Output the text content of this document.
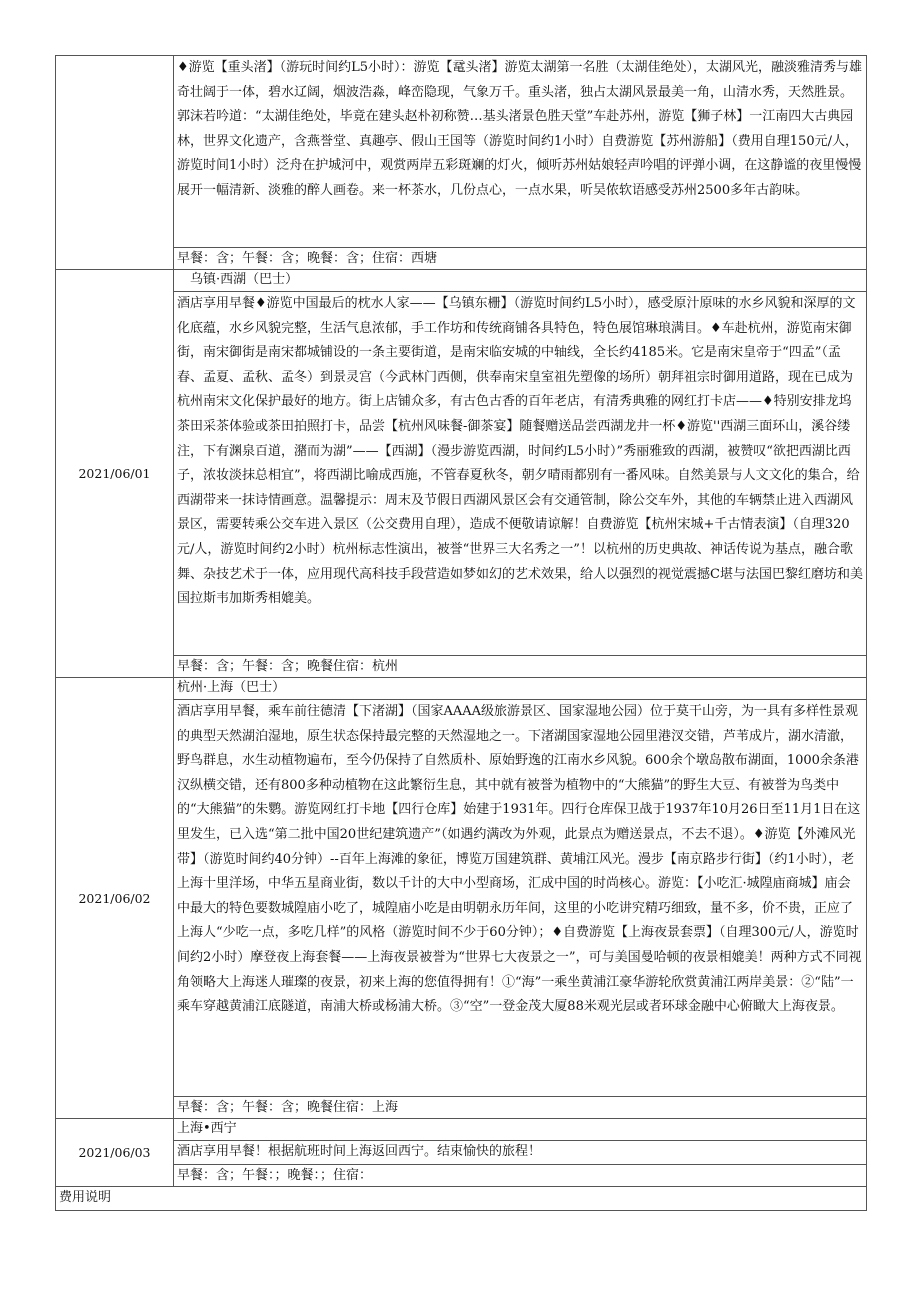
	♦游览【重头渚】（游玩时间约L5小时）：游览【鼋头渚】游览太湖第一名胜（太湖佳绝处），太湖风光，融淡雅清秀与雄奇壮阔于一体，碧水辽阔，烟波浩淼，峰峦隐现，气象万千。重头渚，独占太湖风景最美一角，山清水秀，天然胜景。郭沫若吟道：“太湖佳绝处，毕竟在建头赵朴初称赞…基头渚景色胜天堂”车赴苏州，游览【狮子林】一江南四大古典园林，世界文化遗产，含燕誉堂、真趣亭、假山王国等（游览时间约1小时）自费游览【苏州游船】（费用自理150元/人，游览时间1小时）泛舟在护城河中，观赏两岸五彩斑斓的灯火，倾听苏州姑娘轻声吟唱的评弹小调，在这静谧的夜里慢慢展开一幅清新、淡雅的醉人画卷。来一杯茶水，几份点心，一点水果，听吴侬软语感受苏州2500多年古韵味。

	早餐：含；午餐：含；晚餐：含；住宿：西塘
2021/06/01	乌镇·西湖（巴士）

	酒店享用早餐♦游览中国最后的枕水人家——【乌镇东栅】（游览时间约L5小时），感受原汁原味的水乡风貌和深厚的文化底蕴，水乡风貌完整，生活气息浓郁，手工作坊和传统商铺各具特色，特色展馆琳琅满目。♦车赴杭州，游览南宋御街，南宋御街是南宋都城铺设的一条主要街道，是南宋临安城的中轴线，全长约4185米。它是南宋皇帝于“四孟”（孟春、孟夏、孟秋、孟冬）到景灵宫（今武林门西侧，供奉南宋皇室祖先塑像的场所）朝拜祖宗时御用道路，现在已成为杭州南宋文化保护最好的地方。街上店铺众多，有古色古香的百年老店，有清秀典雅的网红打卡店——♦特别安排龙坞茶田采茶体验或茶田拍照打卡，品尝【杭州风味餐-御茶宴】随餐赠送品尝西湖龙井一杯♦游览''西湖三面环山，溪谷缕注，下有渊泉百道，潴而为湖”——【西湖】（漫步游览西湖，时间约L5小时）”秀丽雅致的西湖，被赞叹“欲把西湖比西子，浓妆淡抹总相宜”，将西湖比喻成西施，不管春夏秋冬，朝夕晴雨都别有一番风味。自然美景与人文文化的集合，给西湖带来一抹诗情画意。温馨提示：周末及节假日西湖风景区会有交通管制，除公交车外，其他的车辆禁止进入西湖风景区，需要转乘公交车进入景区（公交费用自理），造成不便敬请谅解！自费游览【杭州宋城+千古情表演】（自理320元/人，游览时间约2小时）杭州标志性演出，被誉“世界三大名秀之一”！以杭州的历史典故、神话传说为基点，融合歌舞、杂技艺术于一体，应用现代高科技手段营造如梦如幻的艺术效果，给人以强烈的视觉震撼C堪与法国巴黎红磨坊和美国拉斯韦加斯秀相媲美。

	早餐：含；午餐：含；晚餐住宿：杭州
2021/06/02	杭州·上海（巴士）

	酒店享用早餐，乘车前往德清【下渚湖】（国家AAAA级旅游景区、国家湿地公园）位于莫干山旁，为一具有多样性景观的典型天然湖泊湿地，原生状态保持最完整的天然湿地之一。下渚湖国家湿地公园里港汊交错，芦苇成片，湖水清澈，野鸟群息，水生动植物遍布，至今仍保持了自然质朴、原始野逸的江南水乡风貌。600余个墩岛散布湖面，1000余条港汉纵横交错，还有800多种动植物在这此繁衍生息，其中就有被誉为植物中的“大熊猫”的野生大豆、有被誉为鸟类中的“大熊猫”的朱鹦。游览网红打卡地【四行仓库】始建于1931年。四行仓库保卫战于1937年10月26日至11月1日在这里发生，已入选“第二批中国20世纪建筑遗产”（如遇约满改为外观，此景点为赠送景点，不去不退）。♦游览【外滩风光带】（游览时间约40分钟）--百年上海滩的象征，博览万国建筑群、黄埔江风光。漫步【南京路步行街】（约1小时），老上海十里洋场，中华五星商业街，数以千计的大中小型商场，汇成中国的时尚核心。游览：【小吃汇·城隍庙商城】庙会中最大的特色要数城隍庙小吃了，城隍庙小吃是由明朝永历年间，这里的小吃讲究精巧细致，量不多，价不贵，正应了上海人“少吃一点，多吃几样”的风格（游览时间不少于60分钟）；♦自费游览【上海夜景套票】（自理300元/人，游览时间约2小时）摩登夜上海套餐——上海夜景被誉为“世界七大夜景之一”，可与美国曼哈顿的夜景相媲美！两种方式不同视角领略大上海迷人璀璨的夜景，初来上海的您值得拥有！①“海”一乘坐黄浦江豪华游轮欣赏黄浦江两岸美景：②“陆”一乘车穿越黄浦江底隧道，南浦大桥或杨浦大桥。③“空”一登金茂大厦88米观光层或者环球金融中心俯瞰大上海夜景。

	早餐：含；午餐：含；晚餐住宿：上海
2021/06/03	上海•西宁
	酒店享用早餐！根据航班时间上海返回西宁。结束愉快的旅程！
	早餐：含；午餐：；晚餐：；住宿：
费用说明	
